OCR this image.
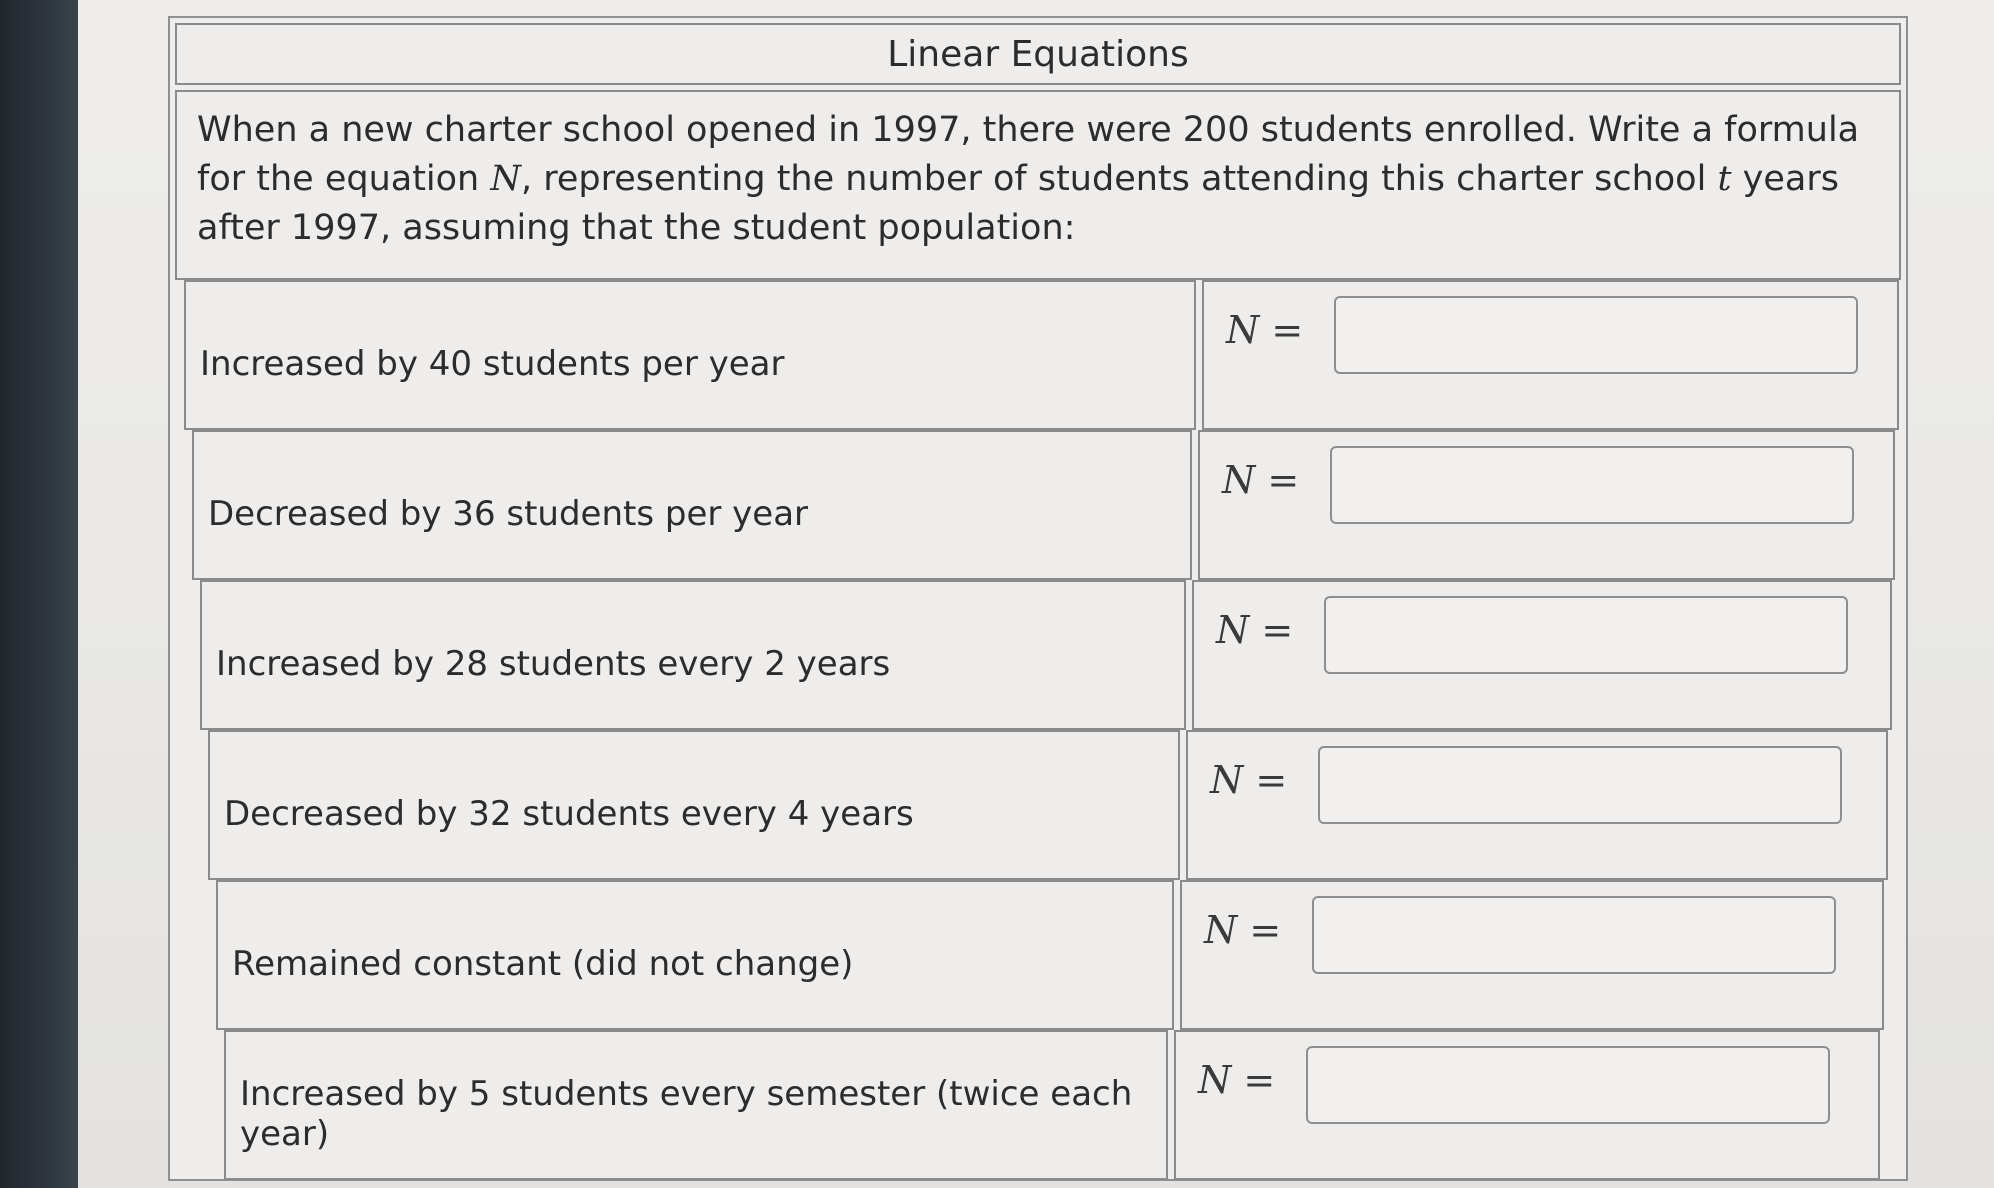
Linear Equations
When a new charter school opened in 1997, there were 200 students enrolled. Write a formula for the equation N, representing the number of students attending this charter school t years after 1997, assuming that the student population:
Increased by 40 students per year
N =
Decreased by 36 students per year
N =
Increased by 28 students every 2 years
N =
Decreased by 32 students every 4 years
N =
Remained constant (did not change)
N =
Increased by 5 students every semester (twice each year)
N =
